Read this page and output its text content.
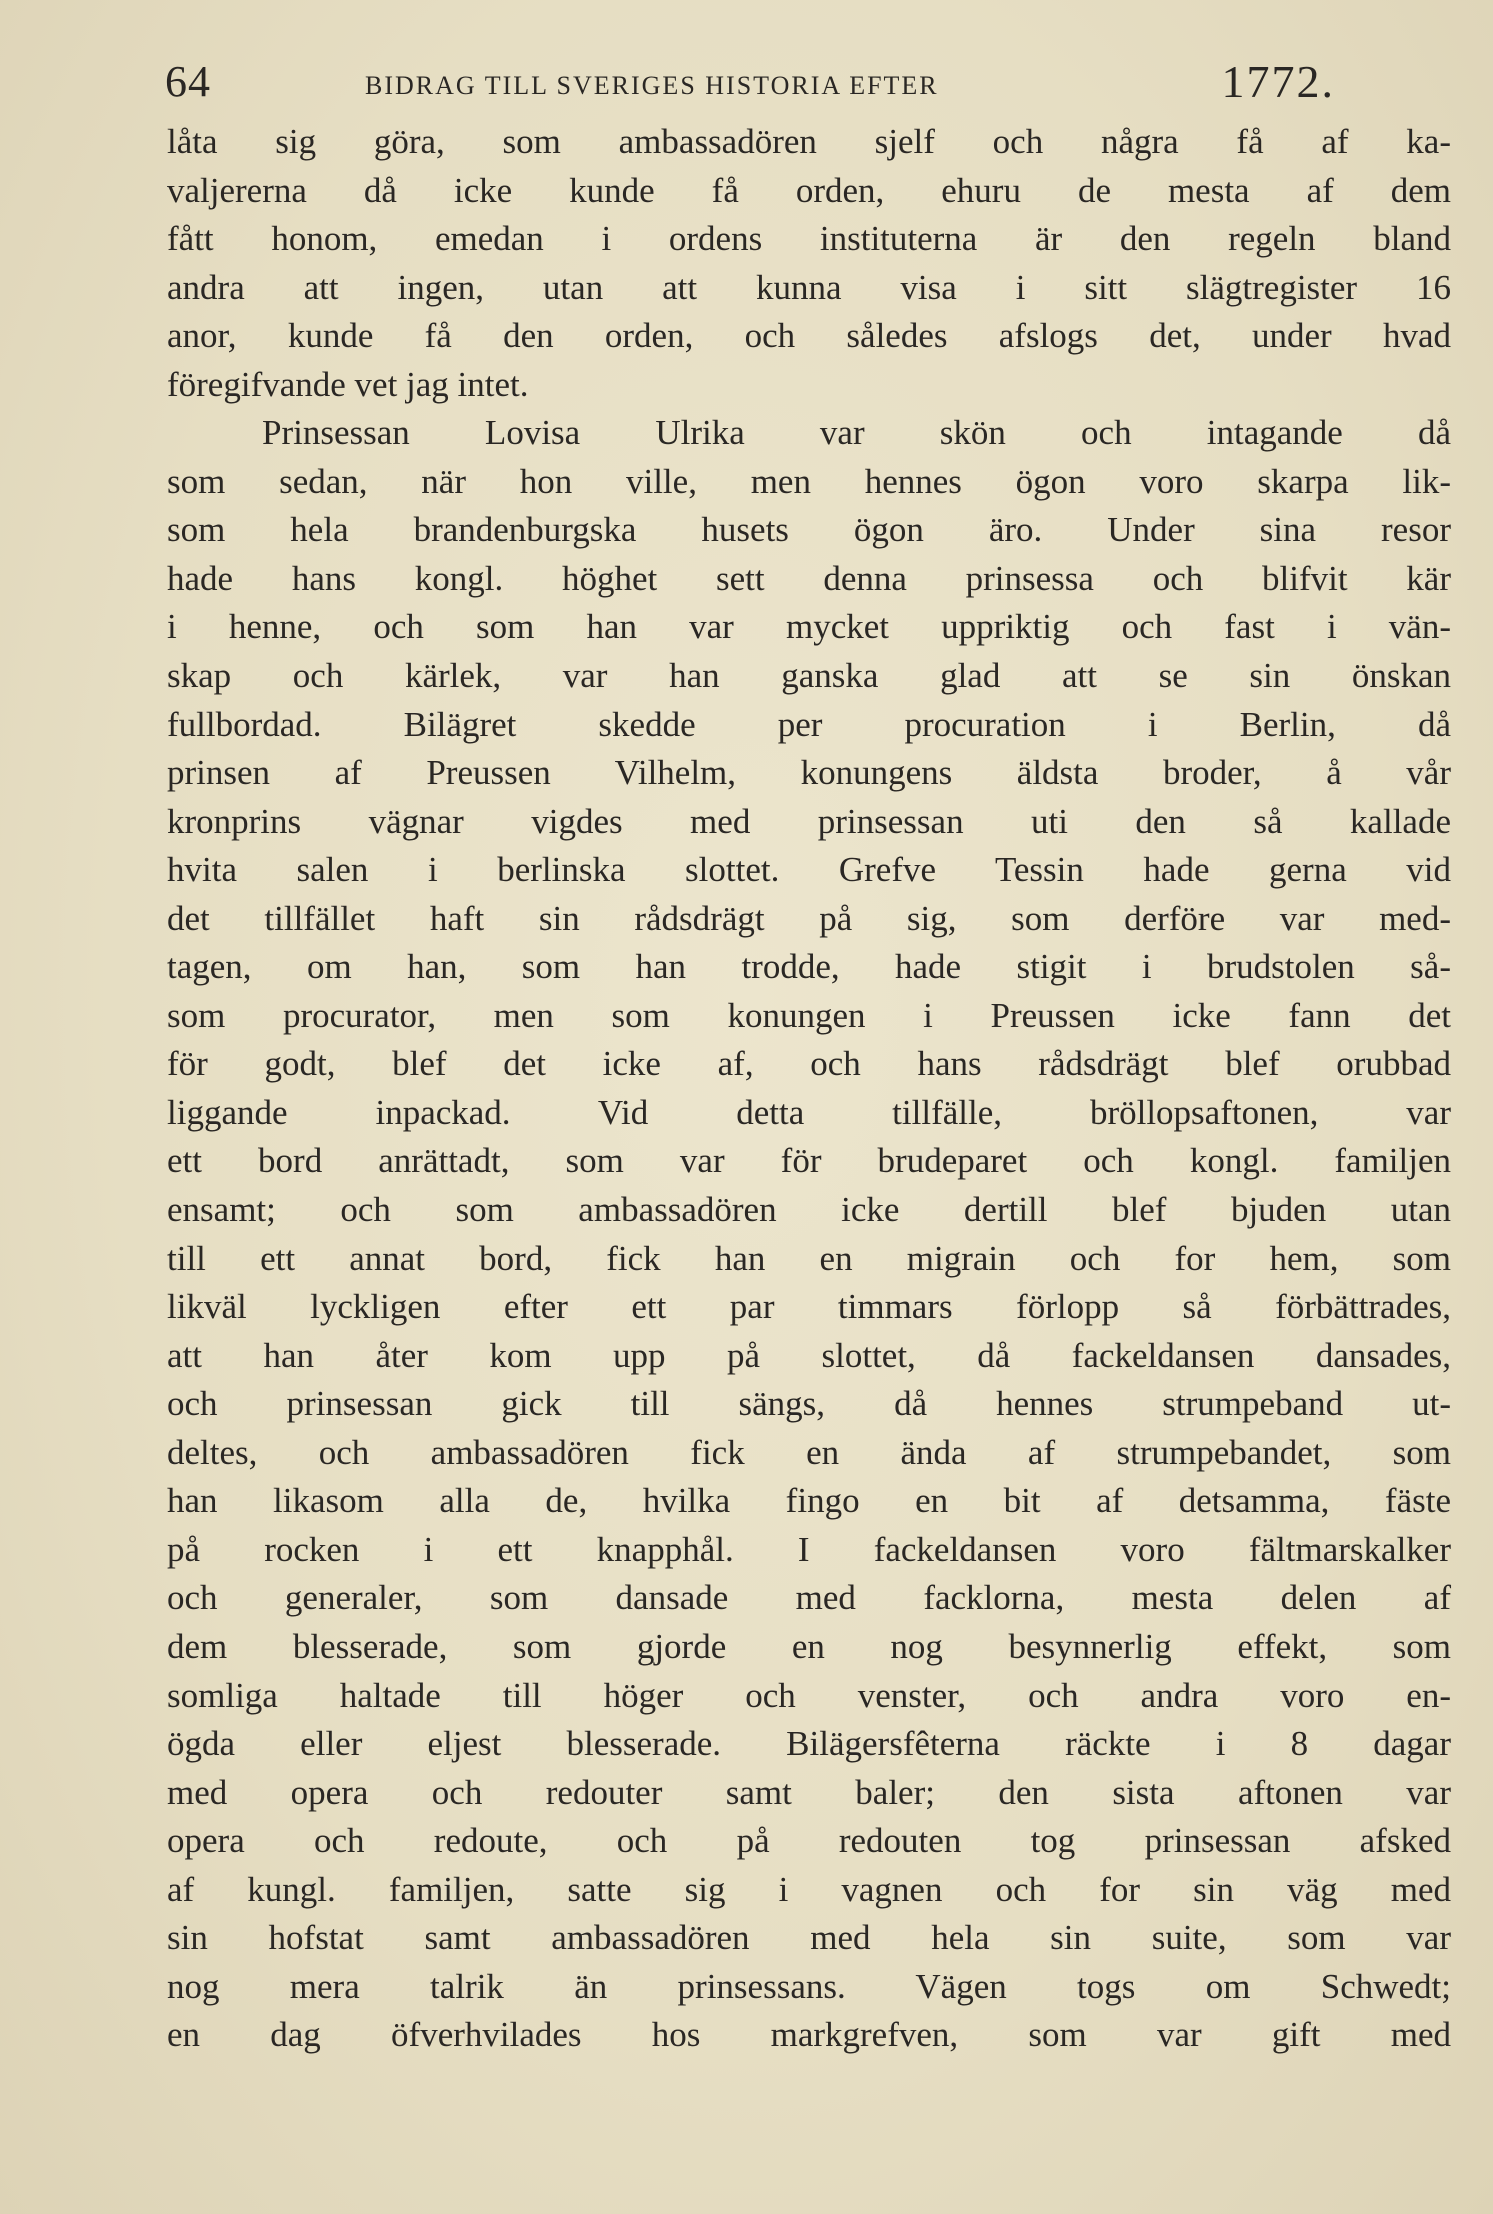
64	BIDRAG TILL SVERIGES HISTORIA EFTER	1772.
låta sig göra, som ambassadören sjelf och några få af ka-
valjererna då icke kunde få orden, ehuru de mesta af dem
fått honom, emedan i ordens instituterna är den regeln bland
andra att ingen, utan att kunna visa i sitt slägtregister 16
anor, kunde få den orden, och således afslogs det, under hvad
föregifvande vet jag intet.
Prinsessan Lovisa Ulrika var skön och intagande då
som sedan, när hon ville, men hennes ögon voro skarpa lik-
som hela brandenburgska husets ögon äro. Under sina resor
hade hans kongl. höghet sett denna prinsessa och blifvit kär
i henne, och som han var mycket uppriktig och fast i vän-
skap och kärlek, var han ganska glad att se sin önskan
fullbordad. Bilägret skedde per procuration i Berlin, då
prinsen af Preussen Vilhelm, konungens äldsta broder, å vår
kronprins vägnar vigdes med prinsessan uti den så kallade
hvita salen i berlinska slottet. Grefve Tessin hade gerna vid
det tillfället haft sin rådsdrägt på sig, som derföre var med-
tagen, om han, som han trodde, hade stigit i brudstolen så-
som procurator, men som konungen i Preussen icke fann det
för godt, blef det icke af, och hans rådsdrägt blef orubbad
liggande inpackad. Vid detta tillfälle, bröllopsaftonen, var
ett bord anrättadt, som var för brudeparet och kongl. familjen
ensamt; och som ambassadören icke dertill blef bjuden utan
till ett annat bord, fick han en migrain och for hem, som
likväl lyckligen efter ett par timmars förlopp så förbättrades,
att han åter kom upp på slottet, då fackeldansen dansades,
och prinsessan gick till sängs, då hennes strumpeband ut-
deltes, och ambassadören fick en ända af strumpebandet, som
han likasom alla de, hvilka fingo en bit af detsamma, fäste
på rocken i ett knapphål. I fackeldansen voro fältmarskalker
och generaler, som dansade med facklorna, mesta delen af
dem blesserade, som gjorde en nog besynnerlig effekt, som
somliga haltade till höger och venster, och andra voro en-
ögda eller eljest blesserade. Bilägersfêterna räckte i 8 dagar
med opera och redouter samt baler; den sista aftonen var
opera och redoute, och på redouten tog prinsessan afsked
af kungl. familjen, satte sig i vagnen och for sin väg med
sin hofstat samt ambassadören med hela sin suite, som var
nog mera talrik än prinsessans. Vägen togs om Schwedt;
en dag öfverhvilades hos markgrefven, som var gift med
